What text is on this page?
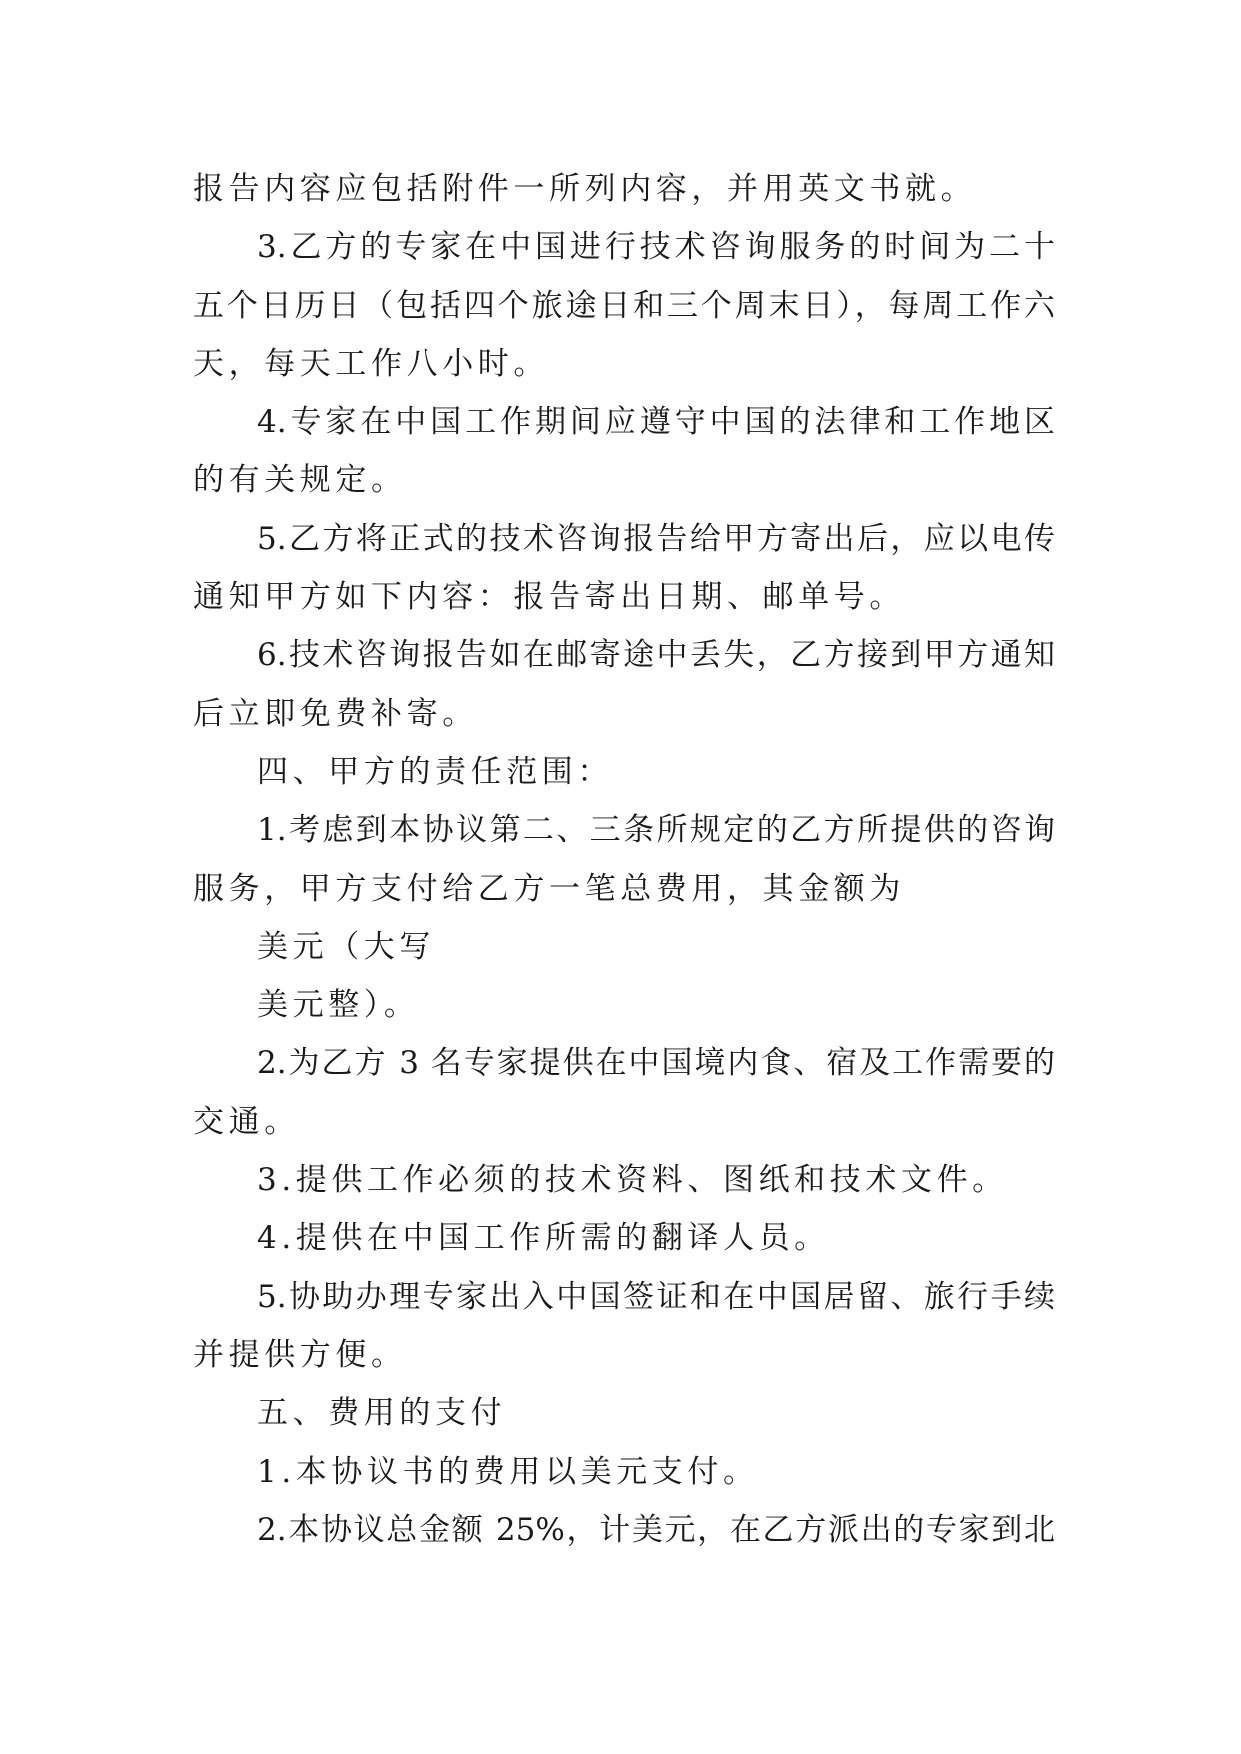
报告内容应包括附件一所列内容，并用英文书就。
3.乙方的专家在中国进行技术咨询服务的时间为二十
五个日历日（包括四个旅途日和三个周末日），每周工作六
天，每天工作八小时。
4.专家在中国工作期间应遵守中国的法律和工作地区
的有关规定。
5.乙方将正式的技术咨询报告给甲方寄出后，应以电传
通知甲方如下内容：报告寄出日期、邮单号。
6.技术咨询报告如在邮寄途中丢失，乙方接到甲方通知
后立即免费补寄。
四、甲方的责任范围：
1.考虑到本协议第二、三条所规定的乙方所提供的咨询
服务，甲方支付给乙方一笔总费用，其金额为
美元（大写
美元整）。
2.为乙方 3 名专家提供在中国境内食、宿及工作需要的
交通。
3.提供工作必须的技术资料、图纸和技术文件。
4.提供在中国工作所需的翻译人员。
5.协助办理专家出入中国签证和在中国居留、旅行手续
并提供方便。
五、费用的支付
1.本协议书的费用以美元支付。
2.本协议总金额 25%，计美元，在乙方派出的专家到北
